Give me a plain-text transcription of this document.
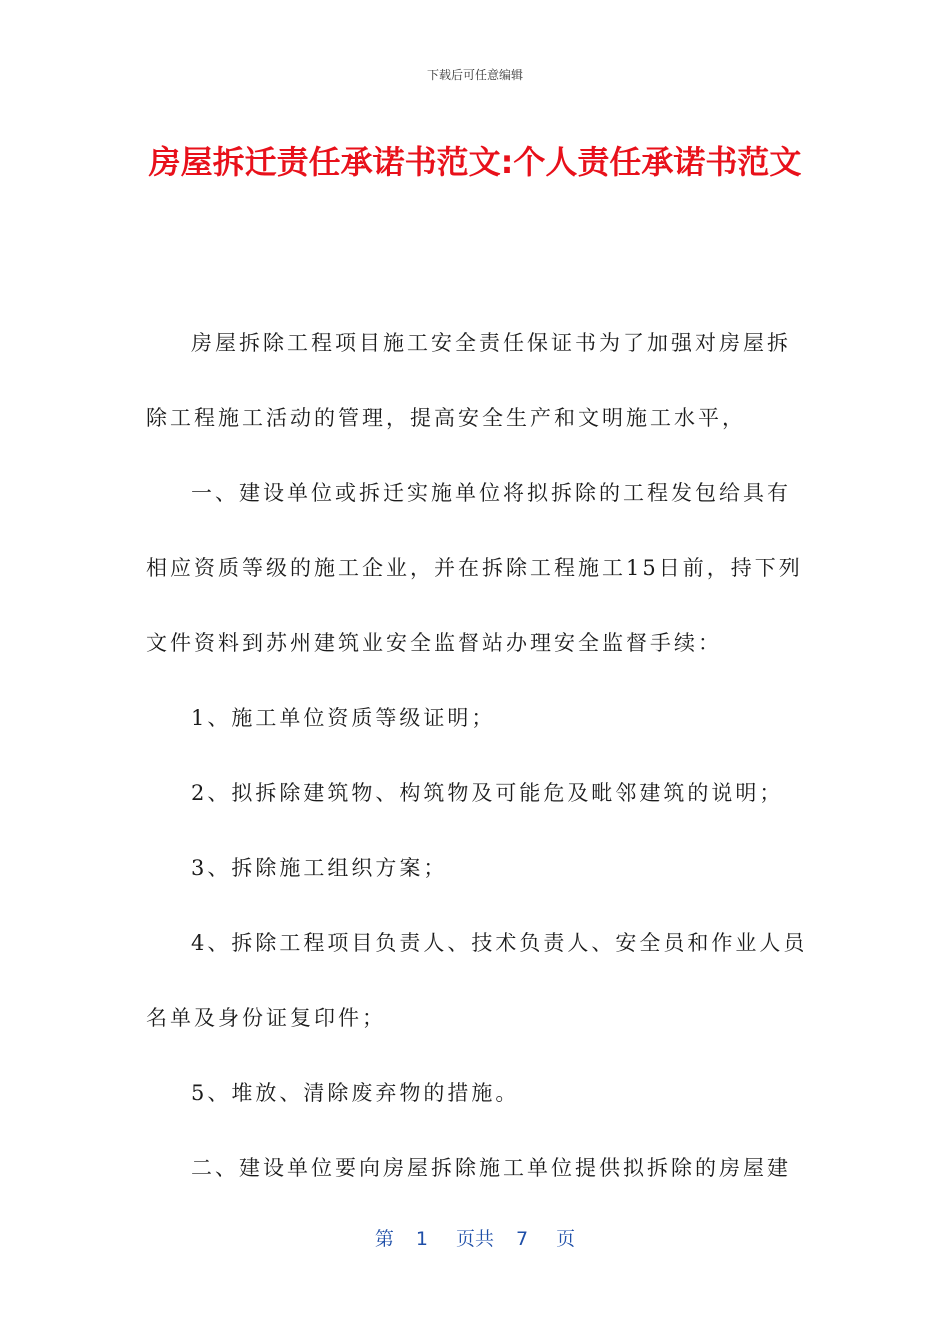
下载后可任意编辑
房屋拆迁责任承诺书范文:个人责任承诺书范文

房屋拆除工程项目施工安全责任保证书为了加强对房屋拆

除工程施工活动的管理，提高安全生产和文明施工水平，

一、建设单位或拆迁实施单位将拟拆除的工程发包给具有

相应资质等级的施工企业，并在拆除工程施工15日前，持下列

文件资料到苏州建筑业安全监督站办理安全监督手续：

1、施工单位资质等级证明；

2、拟拆除建筑物、构筑物及可能危及毗邻建筑的说明；

3、拆除施工组织方案；

4、拆除工程项目负责人、技术负责人、安全员和作业人员

名单及身份证复印件；

5、堆放、清除废弃物的措施。

二、建设单位要向房屋拆除施工单位提供拟拆除的房屋建

第 1 页共 7 页
